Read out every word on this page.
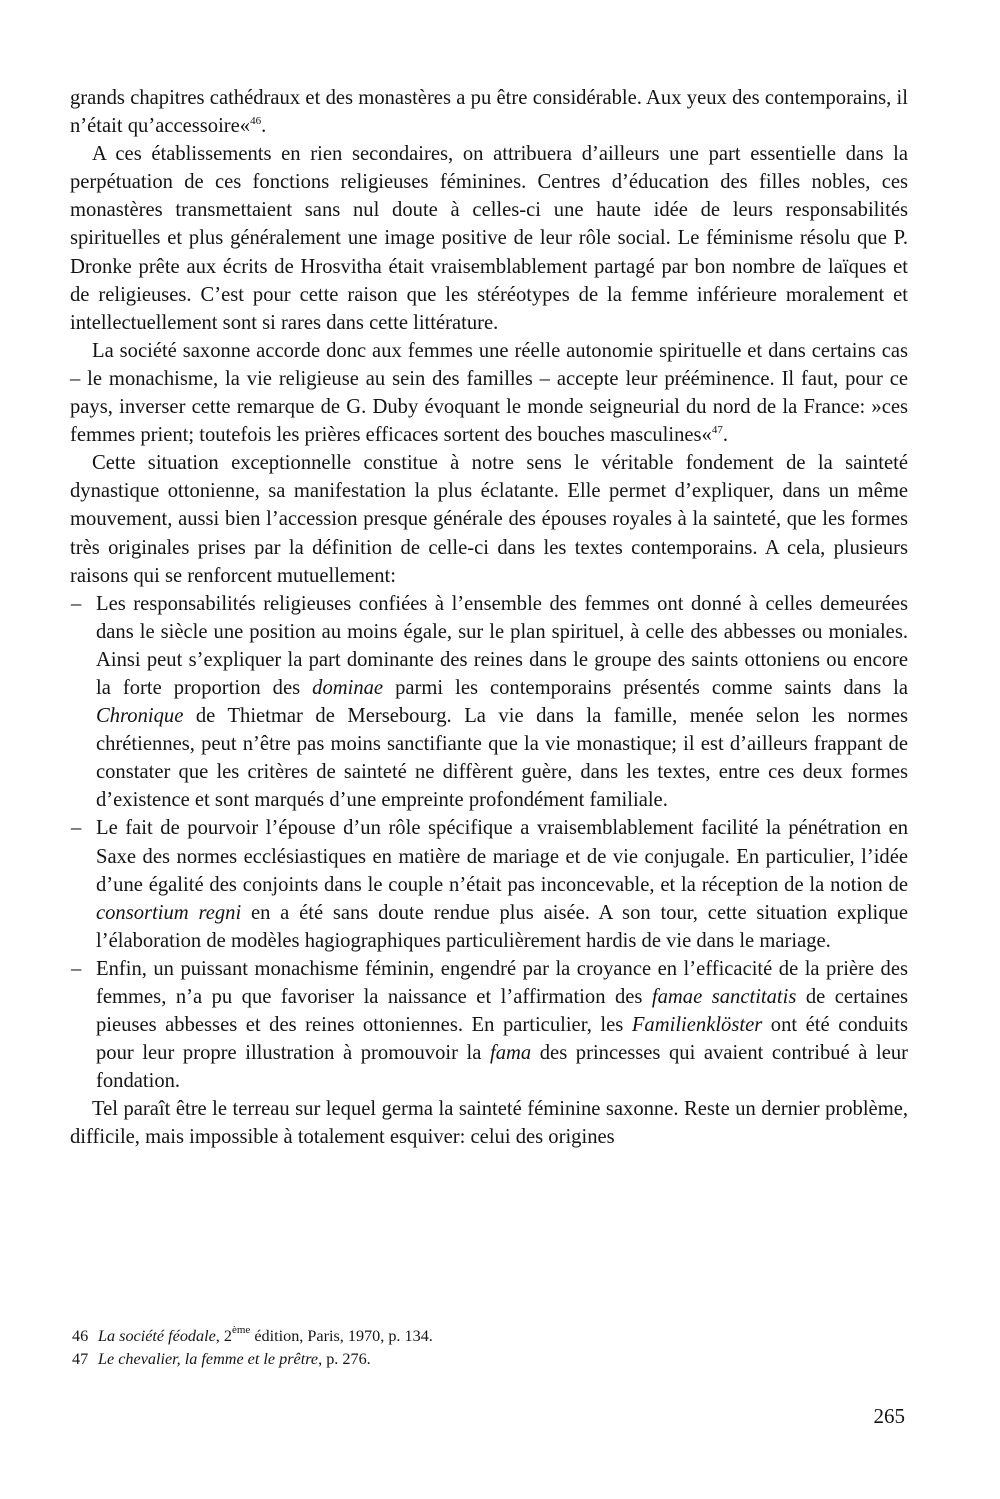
grands chapitres cathédraux et des monastères a pu être considérable. Aux yeux des contemporains, il n’était qu’accessoire«$^{46}$.

A ces établissements en rien secondaires, on attribuera d’ailleurs une part essentielle dans la perpétuation de ces fonctions religieuses féminines. Centres d’éducation des filles nobles, ces monastères transmettaient sans nul doute à celles-ci une haute idée de leurs responsabilités spirituelles et plus généralement une image positive de leur rôle social. Le féminisme résolu que P. Dronke prête aux écrits de Hrosvitha était vraisemblablement partagé par bon nombre de laïques et de religieuses. C’est pour cette raison que les stéréotypes de la femme inférieure moralement et intellectuellement sont si rares dans cette littérature.

La société saxonne accorde donc aux femmes une réelle autonomie spirituelle et dans certains cas – le monachisme, la vie religieuse au sein des familles – accepte leur prééminence. Il faut, pour ce pays, inverser cette remarque de G. Duby évoquant le monde seigneurial du nord de la France: »ces femmes prient; toutefois les prières efficaces sortent des bouches masculines«$^{47}$.

Cette situation exceptionnelle constitue à notre sens le véritable fondement de la sainteté dynastique ottonienne, sa manifestation la plus éclatante. Elle permet d’expliquer, dans un même mouvement, aussi bien l’accession presque générale des épouses royales à la sainteté, que les formes très originales prises par la définition de celle-ci dans les textes contemporains. A cela, plusieurs raisons qui se renforcent mutuellement:

– Les responsabilités religieuses confiées à l’ensemble des femmes ont donné à celles demeurées dans le siècle une position au moins égale, sur le plan spirituel, à celle des abbesses ou moniales. Ainsi peut s’expliquer la part dominante des reines dans le groupe des saints ottoniens ou encore la forte proportion des dominae parmi les contemporains présentés comme saints dans la Chronique de Thietmar de Mersebourg. La vie dans la famille, menée selon les normes chrétiennes, peut n’être pas moins sanctifiante que la vie monastique; il est d’ailleurs frappant de constater que les critères de sainteté ne diffèrent guère, dans les textes, entre ces deux formes d’existence et sont marqués d’une empreinte profondément familiale.
– Le fait de pourvoir l’épouse d’un rôle spécifique a vraisemblablement facilité la pénétration en Saxe des normes ecclésiastiques en matière de mariage et de vie conjugale. En particulier, l’idée d’une égalité des conjoints dans le couple n’était pas inconcevable, et la réception de la notion de consortium regni en a été sans doute rendue plus aisée. A son tour, cette situation explique l’élaboration de modèles hagiographiques particulièrement hardis de vie dans le mariage.
– Enfin, un puissant monachisme féminin, engendré par la croyance en l’efficacité de la prière des femmes, n’a pu que favoriser la naissance et l’affirmation des famae sanctitatis de certaines pieuses abbesses et des reines ottoniennes. En particulier, les Familienklöster ont été conduits pour leur propre illustration à promouvoir la fama des princesses qui avaient contribué à leur fondation.

Tel paraît être le terreau sur lequel germa la sainteté féminine saxonne. Reste un dernier problème, difficile, mais impossible à totalement esquiver: celui des origines

46 La société féodale, 2ème édition, Paris, 1970, p. 134.
47 Le chevalier, la femme et le prêtre, p. 276.
265
